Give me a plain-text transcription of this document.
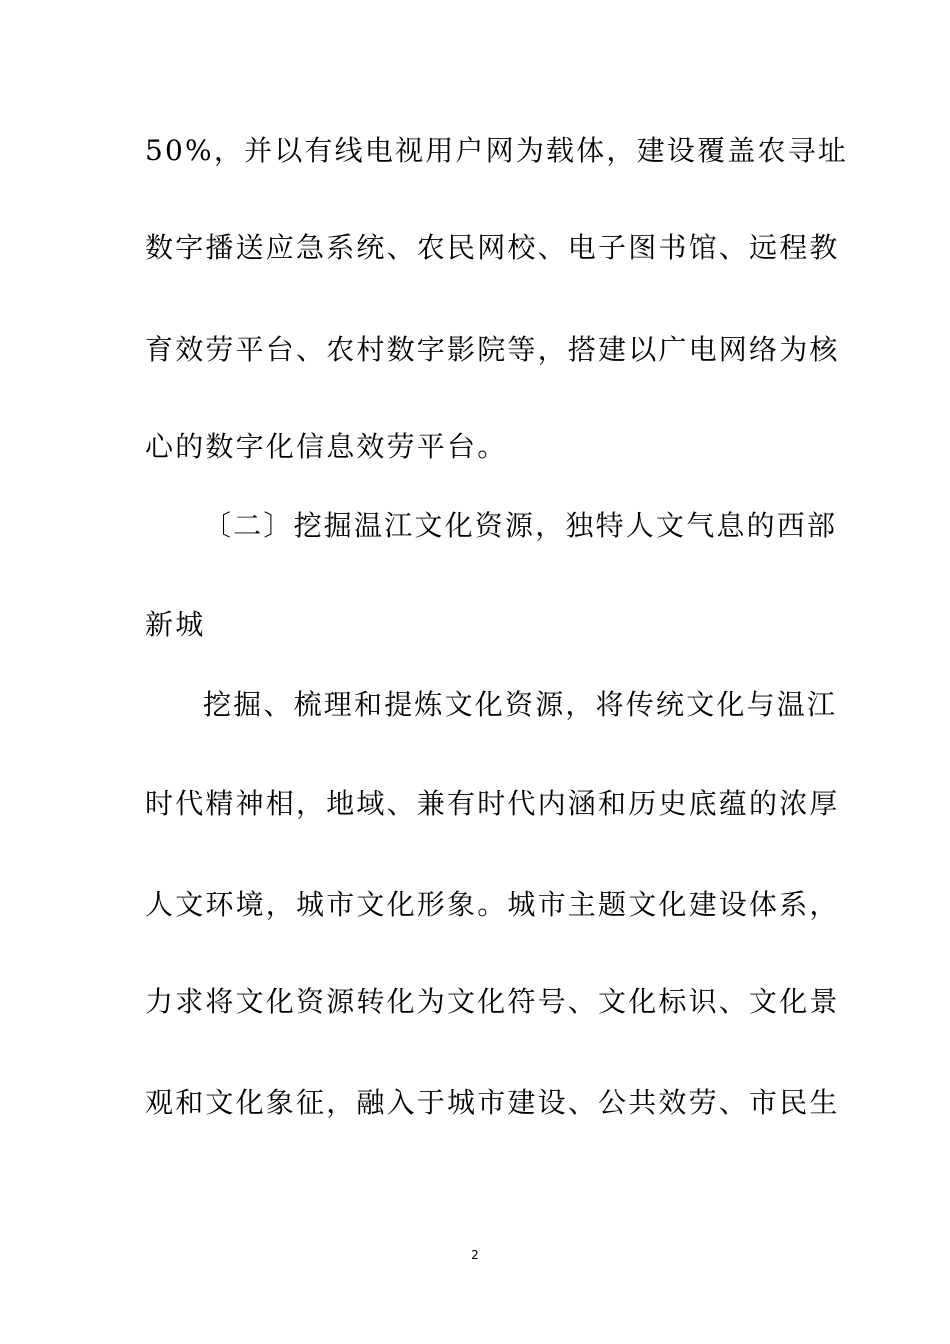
50%，并以有线电视用户网为载体，建设覆盖农寻址
数字播送应急系统、农民网校、电子图书馆、远程教
育效劳平台、农村数字影院等，搭建以广电网络为核
心的数字化信息效劳平台。
〔二〕挖掘温江文化资源，独特人文气息的西部
新城
挖掘、梳理和提炼文化资源，将传统文化与温江
时代精神相，地域、兼有时代内涵和历史底蕴的浓厚
人文环境，城市文化形象。城市主题文化建设体系，
力求将文化资源转化为文化符号、文化标识、文化景
观和文化象征，融入于城市建设、公共效劳、市民生
2
